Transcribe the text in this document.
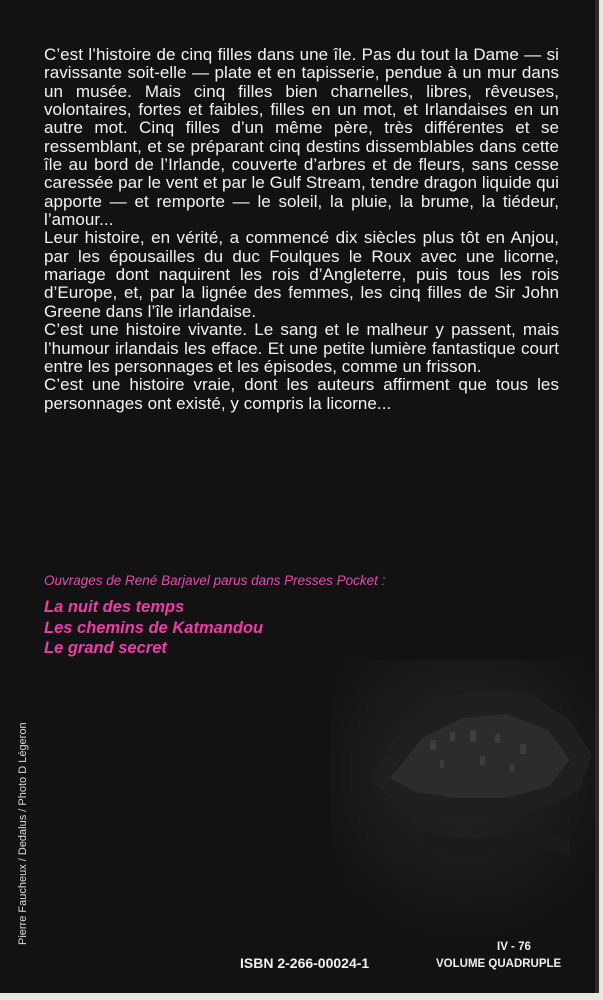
C’est l’histoire de cinq filles dans une île. Pas du tout la Dame — si ravissante soit-elle — plate et en tapisserie, pendue à un mur dans un musée. Mais cinq filles bien charnelles, libres, rêveuses, volontaires, fortes et faibles, filles en un mot, et Irlandaises en un autre mot. Cinq filles d’un même père, très différentes et se ressemblant, et se préparant cinq destins dissemblables dans cette île au bord de l’Irlande, couverte d’arbres et de fleurs, sans cesse caressée par le vent et par le Gulf Stream, tendre dragon liquide qui apporte — et remporte — le soleil, la pluie, la brume, la tiédeur, l’amour...

Leur histoire, en vérité, a commencé dix siècles plus tôt en Anjou, par les épousailles du duc Foulques le Roux avec une licorne, mariage dont naquirent les rois d’Angleterre, puis tous les rois d’Europe, et, par la lignée des femmes, les cinq filles de Sir John Greene dans l’île irlandaise.

C’est une histoire vivante. Le sang et le malheur y passent, mais l’humour irlandais les efface. Et une petite lumière fantastique court entre les personnages et les épisodes, comme un frisson.

C’est une histoire vraie, dont les auteurs affirment que tous les personnages ont existé, y compris la licorne...

Ouvrages de René Barjavel parus dans Presses Pocket :
La nuit des temps
Les chemins de Katmandou
Le grand secret
Pierre Faucheux / Dedalus / Photo D Légeron
ISBN 2-266-00024-1
IV - 76
VOLUME QUADRUPLE
